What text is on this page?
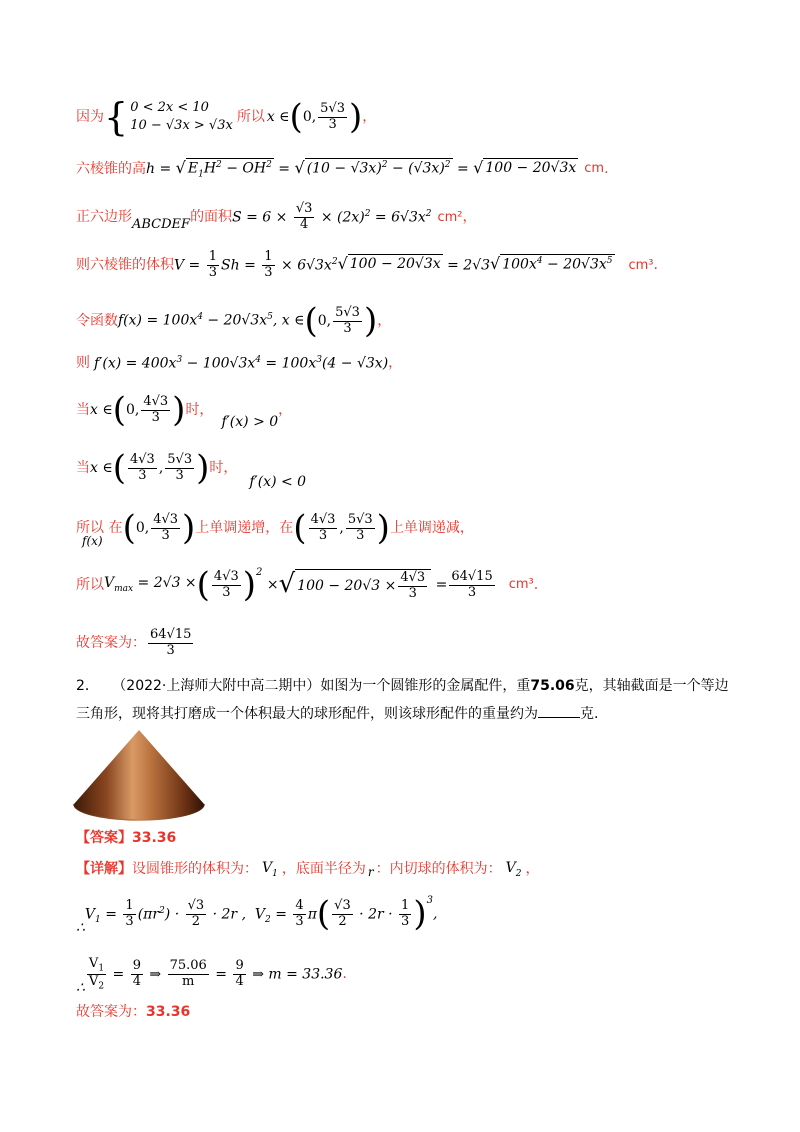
因为 { 0 < 2x < 10
10 − √3x > √3x
所以 x ∈ ( 0, $\frac{5√3}{3}$ ) ，
六棱锥的高 h = √ $E_1H^2 - OH^2$ = √ $(10 - √3x)^2 - (√3x)^2$ = √ 100 − 20√3x cm .
正六边形 ABCDEF 的面积 $S = 6 \times \frac{√3}{4} \times (2x)^2 = 6√3x^2$ cm² ，
则六棱锥的体积 $V = \frac{1}{3}$ $Sh = \frac{1}{3} \times 6√3x^2$ √ 100 − 20√3x = 2√3 √ $100x^4 - 20√3x^5$ cm³ .
令函数 $f(x) = 100x^4 - 20√3x^5$, x ∈ ( 0, $\frac{5√3}{3}$ ) ，
则 $f'(x) = 400x^3 - 100√3x^4 = 100x^3(4 - √3x)$ ，
当 x ∈ ( 0, $\frac{4√3}{3}$ ) 时，
f′(x) > 0
，
当 x ∈ ( $\frac{4√3}{3}$ , $\frac{5√3}{3}$ ) 时，
f′(x) < 0
所以
f(x)
在 ( 0, $\frac{4√3}{3}$ ) 上单调递增，在 ( $\frac{4√3}{3}$ , $\frac{5√3}{3}$ ) 上单调递减，
所以 $V_{max} = 2√3$ × ( $\frac{4√3}{3}$ ) 2
× √ $100 - 20√3 \times \frac{4√3}{3} = \frac{64√15}{3} cm^3$ .
故答案为： $\frac{64√15}{3}$
2． （2022·上海师大附中高二期中）如图为一个圆锥形的金属配件，重75.06克，其轴截面是一个等边三角形，现将其打磨成一个体积最大的球形配件，则该球形配件的重量约为	克.
【答案】 33.36
【详解】 设圆锥形的体积为： $V_1$ ，底面半径为 r ：内切球的体积为： $V_2$ ，
∴
$V_1 = \frac{1}{3} (\pi r^2) \cdot \frac{√3}{2} \cdot 2r$ ,  $V_2 = \frac{4}{3}$ π ( $\frac{√3}{2} \cdot 2r \cdot \frac{1}{3}$ ) 3
,
∴ $\frac{V_1}{V_2} = \frac{9}{4}$ ⇒ $\frac{75.06}{m} = \frac{9}{4}$ ⇒ m = 33.36 .
故答案为： 33.36
